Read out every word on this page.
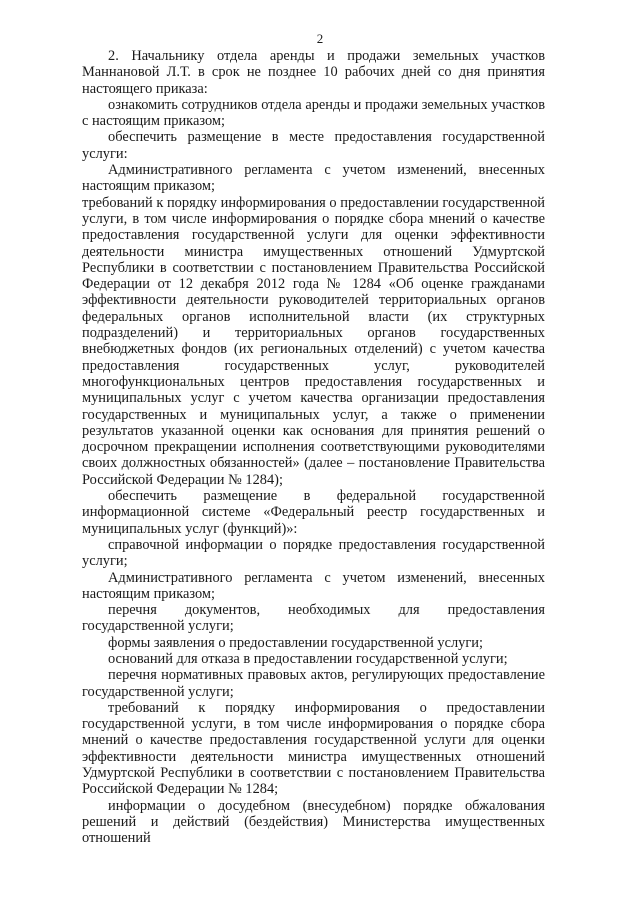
2

2. Начальнику отдела аренды и продажи земельных участков Маннановой Л.Т. в срок не позднее 10 рабочих дней со дня принятия настоящего приказа:

ознакомить сотрудников отдела аренды и продажи земельных участков с настоящим приказом;

обеспечить размещение в месте предоставления государственной услуги:

Административного регламента с учетом изменений, внесенных настоящим приказом;

требований к порядку информирования о предоставлении государственной услуги, в том числе информирования о порядке сбора мнений о качестве предоставления государственной услуги для оценки эффективности деятельности министра имущественных отношений Удмуртской Республики в соответствии с постановлением Правительства Российской Федерации от 12 декабря 2012 года № 1284 «Об оценке гражданами эффективности деятельности руководителей территориальных органов федеральных органов исполнительной власти (их структурных подразделений) и территориальных органов государственных внебюджетных фондов (их региональных отделений) с учетом качества предоставления государственных услуг, руководителей многофункциональных центров предоставления государственных и муниципальных услуг с учетом качества организации предоставления государственных и муниципальных услуг, а также о применении результатов указанной оценки как основания для принятия решений о досрочном прекращении исполнения соответствующими руководителями своих должностных обязанностей» (далее – постановление Правительства Российской Федерации № 1284);

обеспечить размещение в федеральной государственной информационной системе «Федеральный реестр государственных и муниципальных услуг (функций)»:

справочной информации о порядке предоставления государственной услуги;

Административного регламента с учетом изменений, внесенных настоящим приказом;

перечня документов, необходимых для предоставления государственной услуги;

формы заявления о предоставлении государственной услуги;

оснований для отказа в предоставлении государственной услуги;

перечня нормативных правовых актов, регулирующих предоставление государственной услуги;

требований к порядку информирования о предоставлении государственной услуги, в том числе информирования о порядке сбора мнений о качестве предоставления государственной услуги для оценки эффективности деятельности министра имущественных отношений Удмуртской Республики в соответствии с постановлением Правительства Российской Федерации № 1284;

информации о досудебном (внесудебном) порядке обжалования решений и действий (бездействия) Министерства имущественных отношений
